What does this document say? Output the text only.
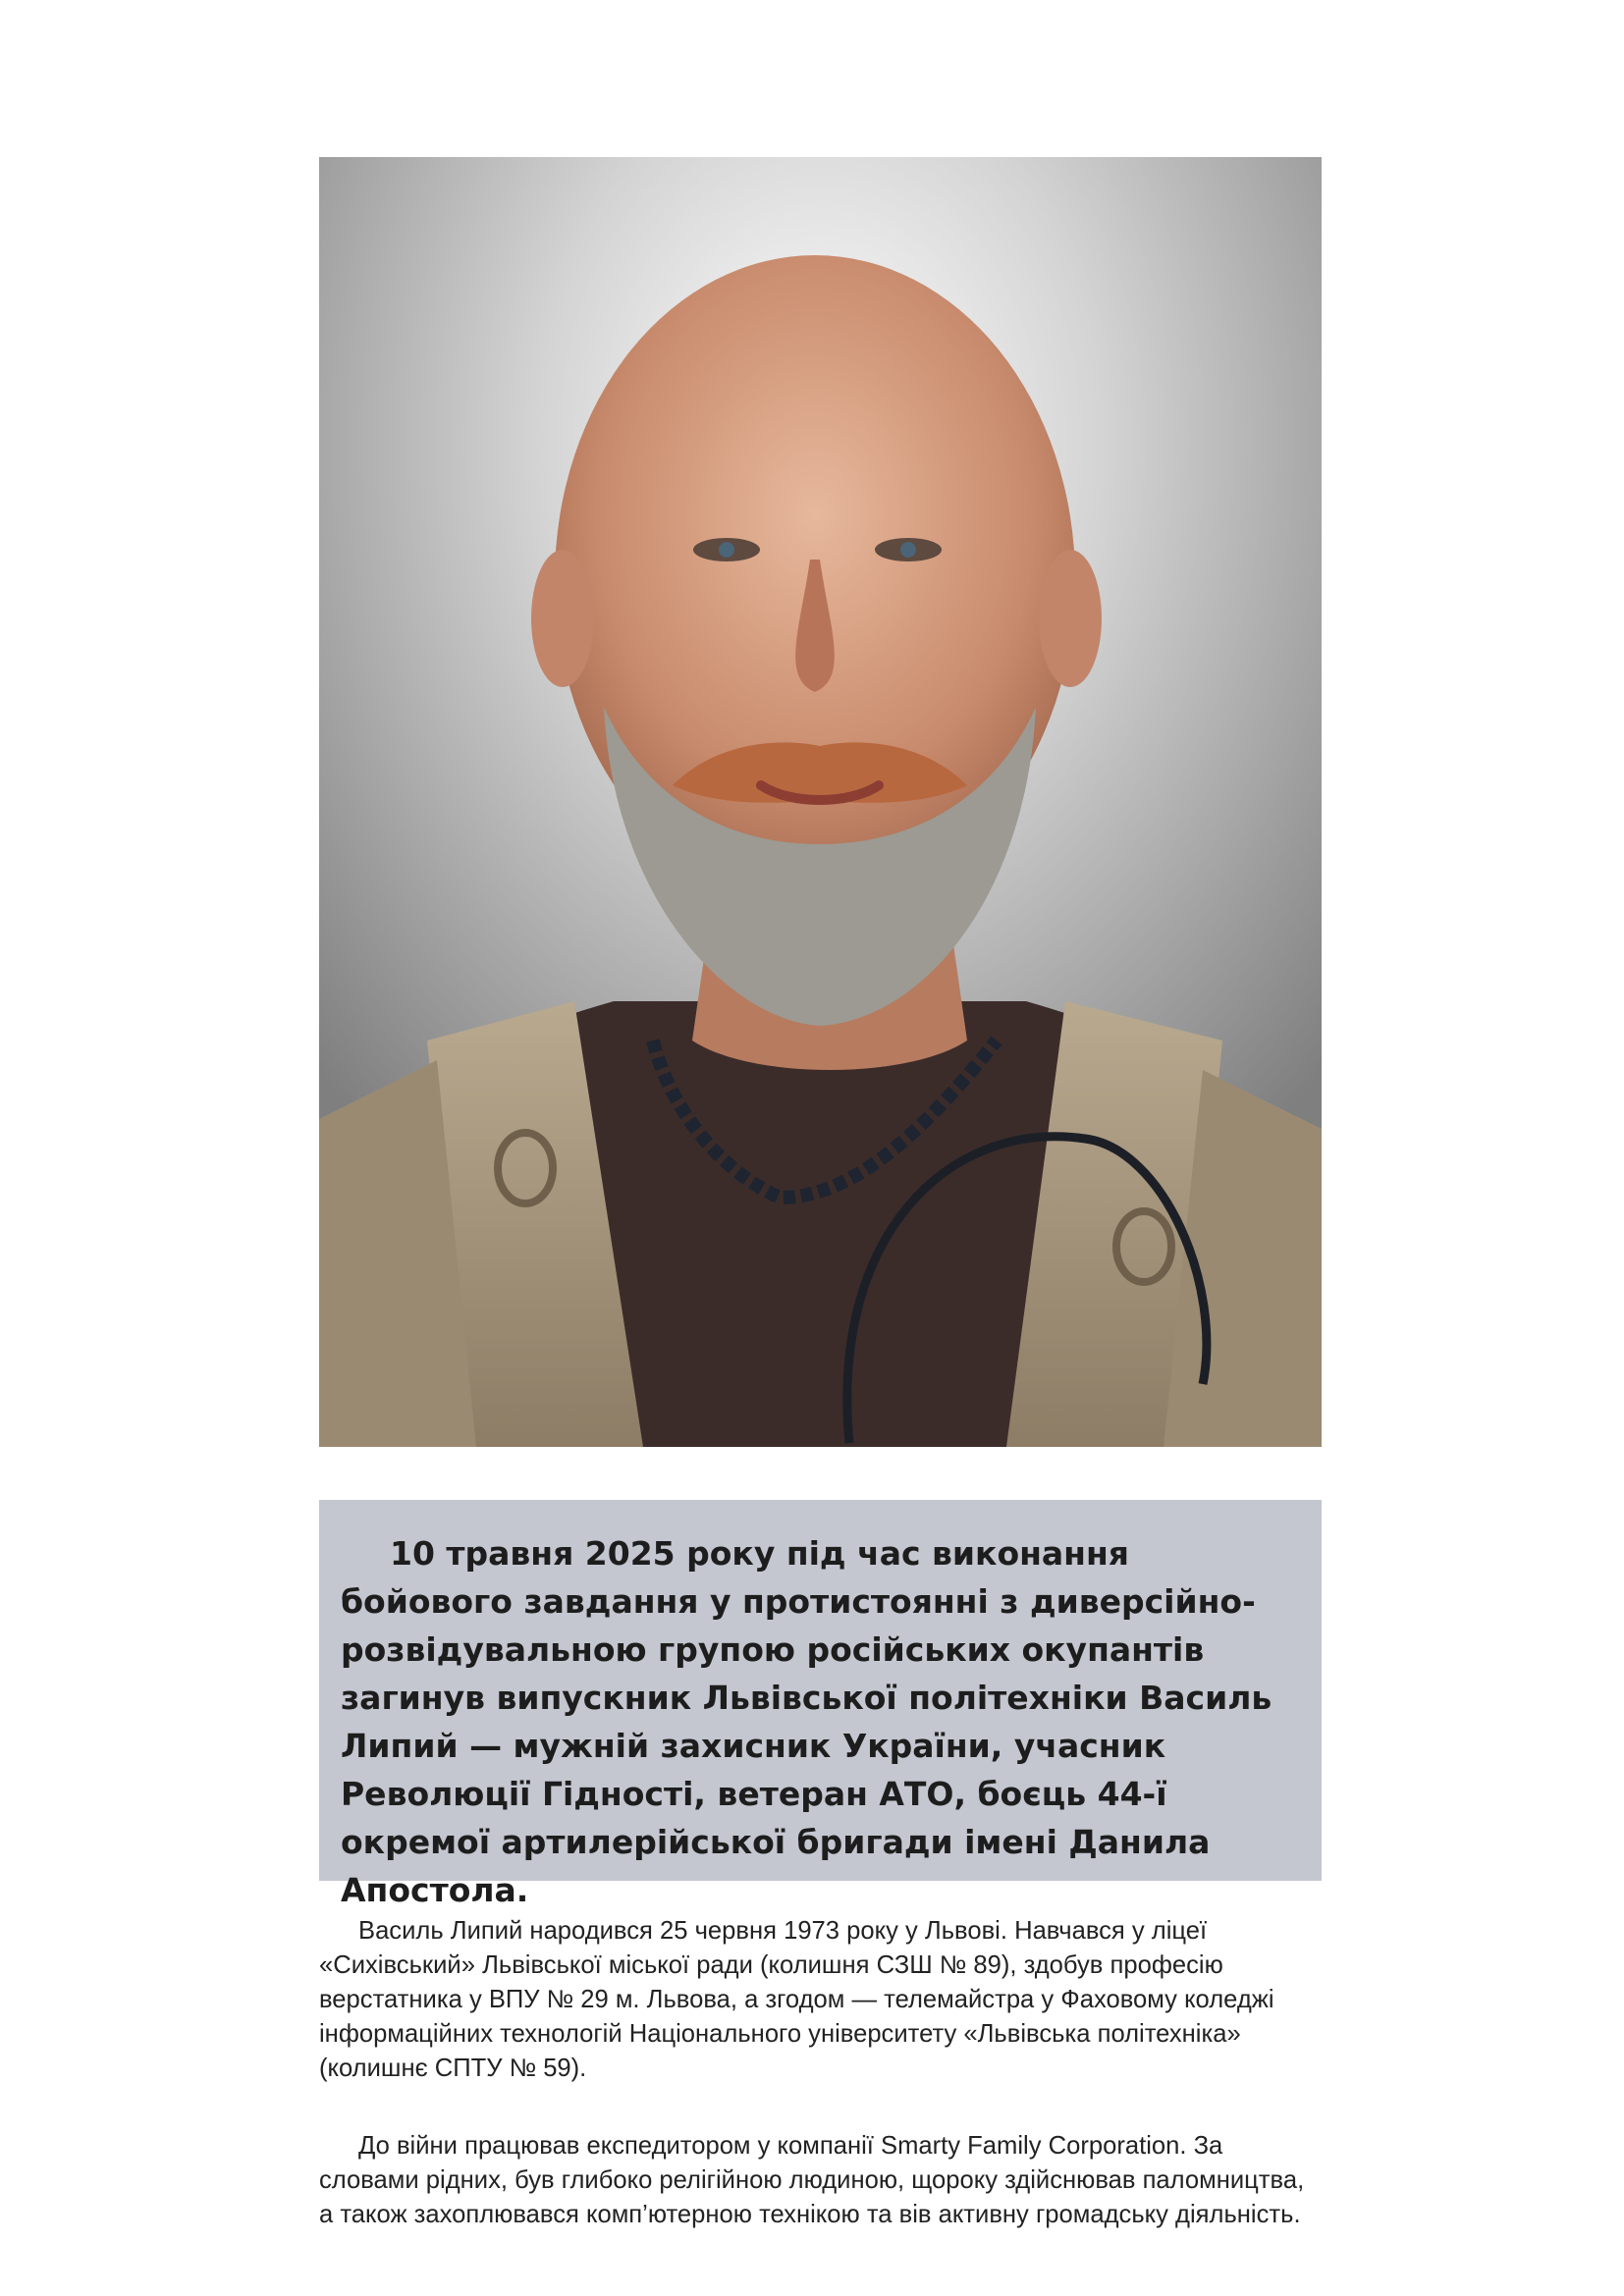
10 травня 2025 року під час виконання бойового завдання у протистоянні з диверсійно-розвідувальною групою російських окупантів загинув випускник Львівської політехніки Василь Липий — мужній захисник України, учасник Революції Гідності, ветеран АТО, боєць 44-ї окремої артилерійської бригади імені Данила Апостола.

Василь Липий народився 25 червня 1973 року у Львові. Навчався у ліцеї «Сихівський» Львівської міської ради (колишня СЗШ № 89), здобув професію верстатника у ВПУ № 29 м. Львова, а згодом — телемайстра у Фаховому коледжі інформаційних технологій Національного університету «Львівська політехніка» (колишнє СПТУ № 59).

До війни працював експедитором у компанії Smarty Family Corporation. За словами рідних, був глибоко релігійною людиною, щороку здійснював паломництва, а також захоплювався комп’ютерною технікою та вів активну громадську діяльність.
